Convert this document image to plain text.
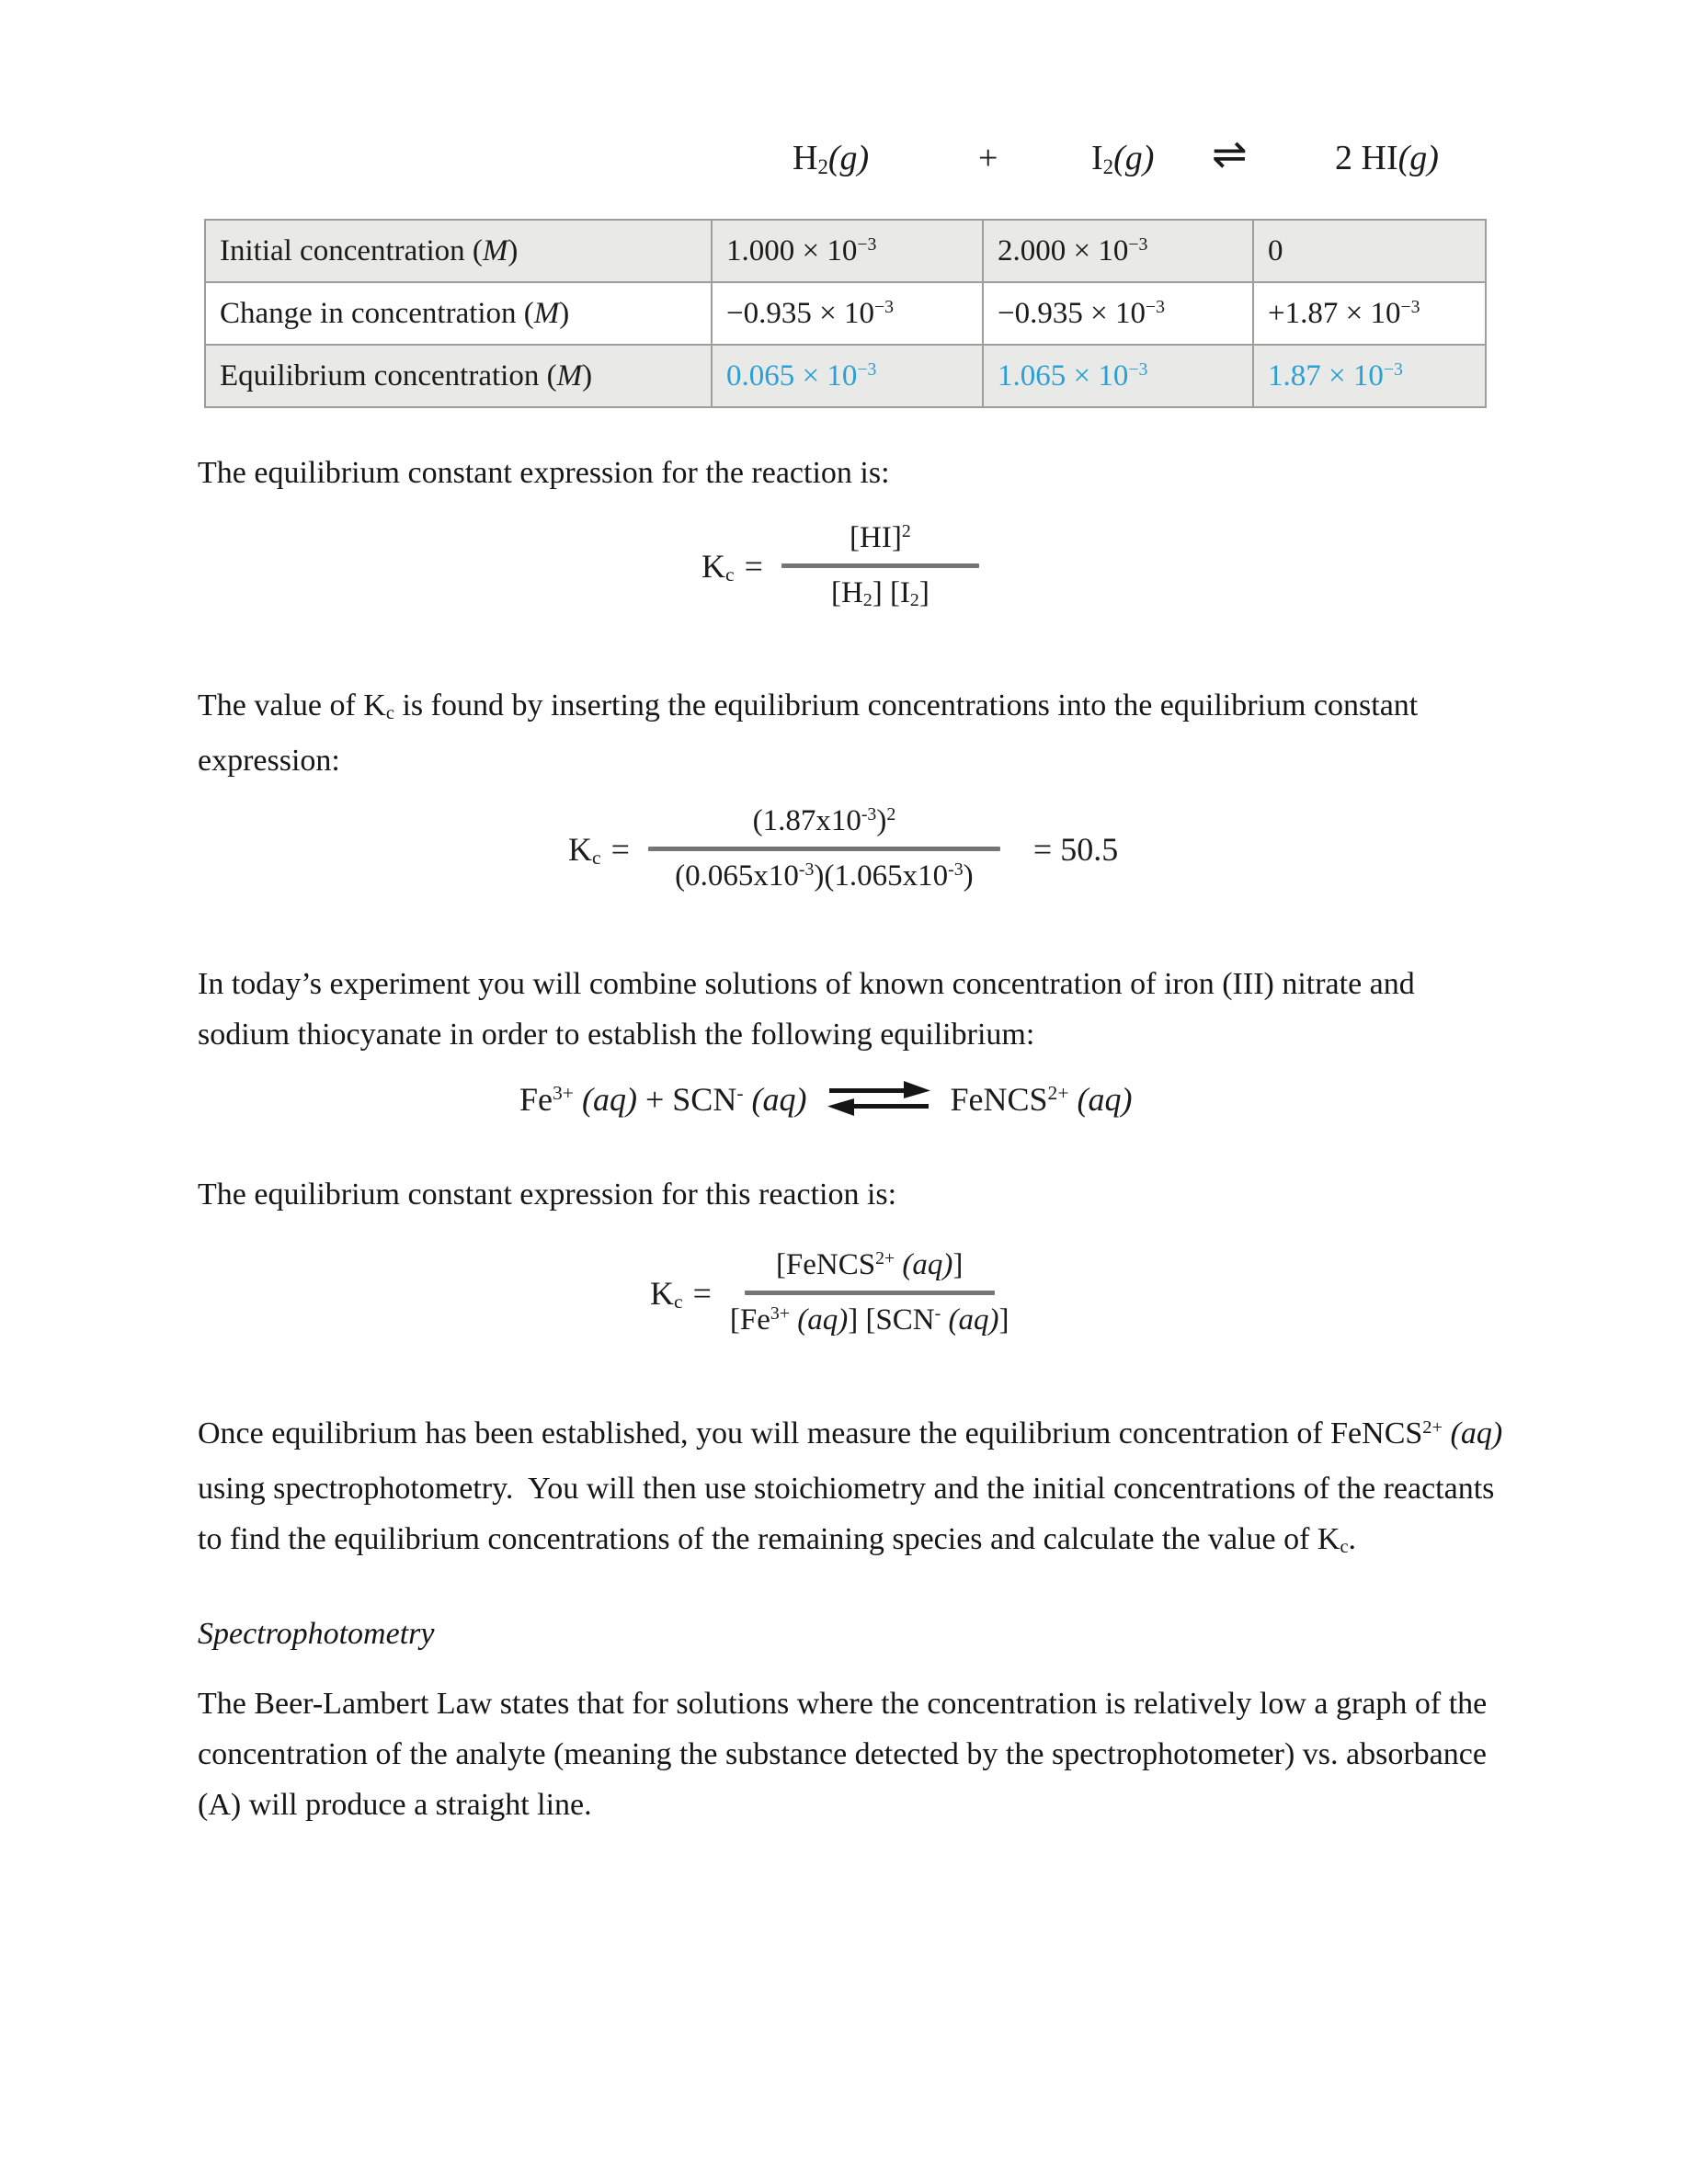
H2(g)	+	I2(g) ⇌	2 HI(g)
Initial concentration (M)	$1.000 \times 10^{-3}$	$2.000 \times 10^{-3}$	0
Change in concentration (M)	$-0.935 \times 10^{-3}$	$-0.935 \times 10^{-3}$	$+1.87 \times 10^{-3}$
Equilibrium concentration (M)	$0.065 \times 10^{-3}$	$1.065 \times 10^{-3}$	$1.87 \times 10^{-3}$
The equilibrium constant expression for the reaction is:
Kc =
[HI]$^2$
[H2] [I2]
The value of Kc is found by inserting the equilibrium concentrations into the equilibrium constant expression:
Kc =
$(1.87x10^{-3})^2$
$(0.065x10^{-3})(1.065x10^{-3})$
= 50.5
In today’s experiment you will combine solutions of known concentration of iron (III) nitrate and sodium thiocyanate in order to establish the following equilibrium:
$Fe^{3+}$ (aq) + SCN- (aq) ⇌ FeNCS$^{2+}$ (aq)
The equilibrium constant expression for this reaction is:
Kc =
[FeNCS$^{2+}$ (aq)]
[$Fe^{3+}$ (aq)] [SCN- (aq)]
Once equilibrium has been established, you will measure the equilibrium concentration of FeNCS$^{2+}$ (aq) using spectrophotometry.  You will then use stoichiometry and the initial concentrations of the reactants to find the equilibrium concentrations of the remaining species and calculate the value of Kc.
Spectrophotometry
The Beer-Lambert Law states that for solutions where the concentration is relatively low a graph of the concentration of the analyte (meaning the substance detected by the spectrophotometer) vs. absorbance (A) will produce a straight line.
